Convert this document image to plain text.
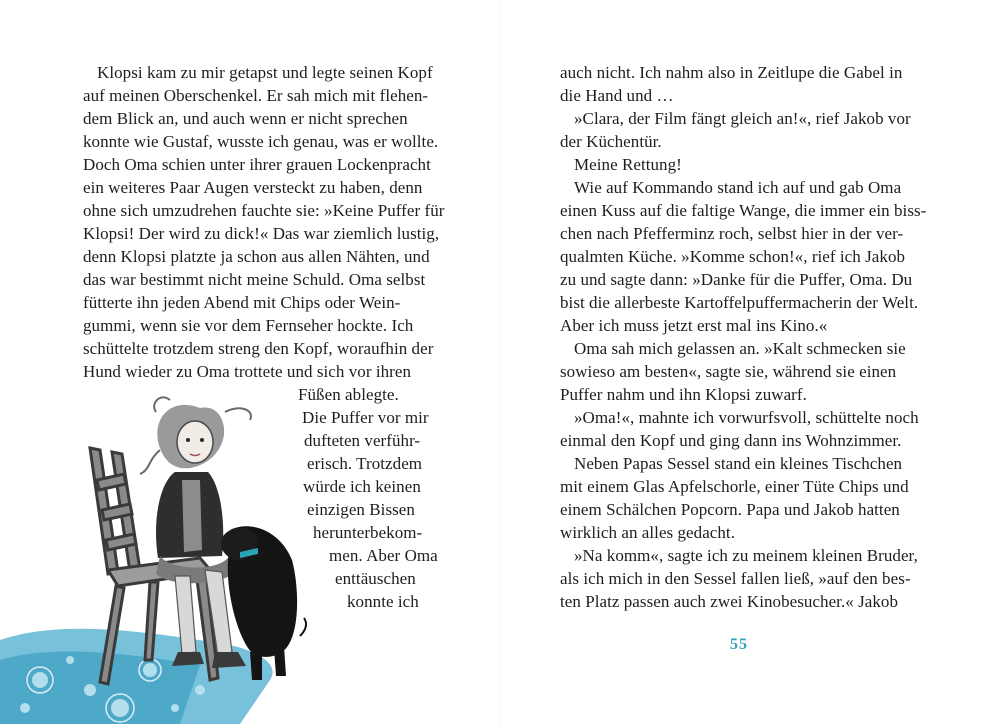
Klopsi kam zu mir getapst und legte seinen Kopf
auf meinen Oberschenkel. Er sah mich mit flehen-
dem Blick an, und auch wenn er nicht sprechen
konnte wie Gustaf, wusste ich genau, was er wollte.
Doch Oma schien unter ihrer grauen Lockenpracht
ein weiteres Paar Augen versteckt zu haben, denn
ohne sich umzudrehen fauchte sie: »Keine Puffer für
Klopsi! Der wird zu dick!« Das war ziemlich lustig,
denn Klopsi platzte ja schon aus allen Nähten, und
das war bestimmt nicht meine Schuld. Oma selbst
fütterte ihn jeden Abend mit Chips oder Wein-
gummi, wenn sie vor dem Fernseher hockte. Ich
schüttelte trotzdem streng den Kopf, woraufhin der
Hund wieder zu Oma trottete und sich vor ihren
Füßen ablegte.
Die Puffer vor mir
dufteten verführ-
erisch. Trotzdem
würde ich keinen
einzigen Bissen
herunterbekom-
men. Aber Oma
enttäuschen
konnte ich
auch nicht. Ich nahm also in Zeitlupe die Gabel in
die Hand und …
»Clara, der Film fängt gleich an!«, rief Jakob vor
der Küchentür.
Meine Rettung!
Wie auf Kommando stand ich auf und gab Oma
einen Kuss auf die faltige Wange, die immer ein biss-
chen nach Pfefferminz roch, selbst hier in der ver-
qualmten Küche. »Komme schon!«, rief ich Jakob
zu und sagte dann: »Danke für die Puffer, Oma. Du
bist die allerbeste Kartoffelpuffermacherin der Welt.
Aber ich muss jetzt erst mal ins Kino.«
Oma sah mich gelassen an. »Kalt schmecken sie
sowieso am besten«, sagte sie, während sie einen
Puffer nahm und ihn Klopsi zuwarf.
»Oma!«, mahnte ich vorwurfsvoll, schüttelte noch
einmal den Kopf und ging dann ins Wohnzimmer.
Neben Papas Sessel stand ein kleines Tischchen
mit einem Glas Apfelschorle, einer Tüte Chips und
einem Schälchen Popcorn. Papa und Jakob hatten
wirklich an alles gedacht.
»Na komm«, sagte ich zu meinem kleinen Bruder,
als ich mich in den Sessel fallen ließ, »auf den bes-
ten Platz passen auch zwei Kinobesucher.« Jakob
55
